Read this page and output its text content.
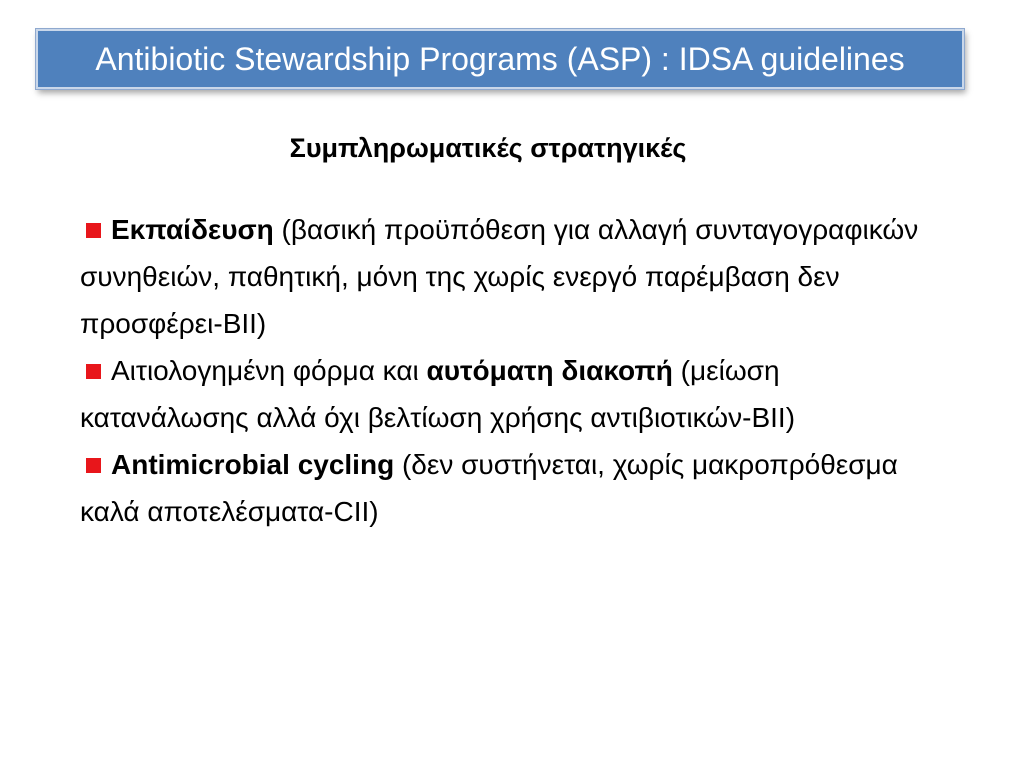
Antibiotic Stewardship Programs (ASP) : IDSA guidelines
Συμπληρωματικές στρατηγικές

Εκπαίδευση (βασική προϋπόθεση για αλλαγή συνταγογραφικών συνηθειών, παθητική, μόνη της χωρίς ενεργό παρέμβαση δεν προσφέρει-BII)

Αιτιολογημένη φόρμα και αυτόματη διακοπή (μείωση κατανάλωσης αλλά όχι βελτίωση χρήσης αντιβιοτικών-BII)

Antimicrobial cycling (δεν συστήνεται, χωρίς μακροπρόθεσμα καλά αποτελέσματα-CII)
